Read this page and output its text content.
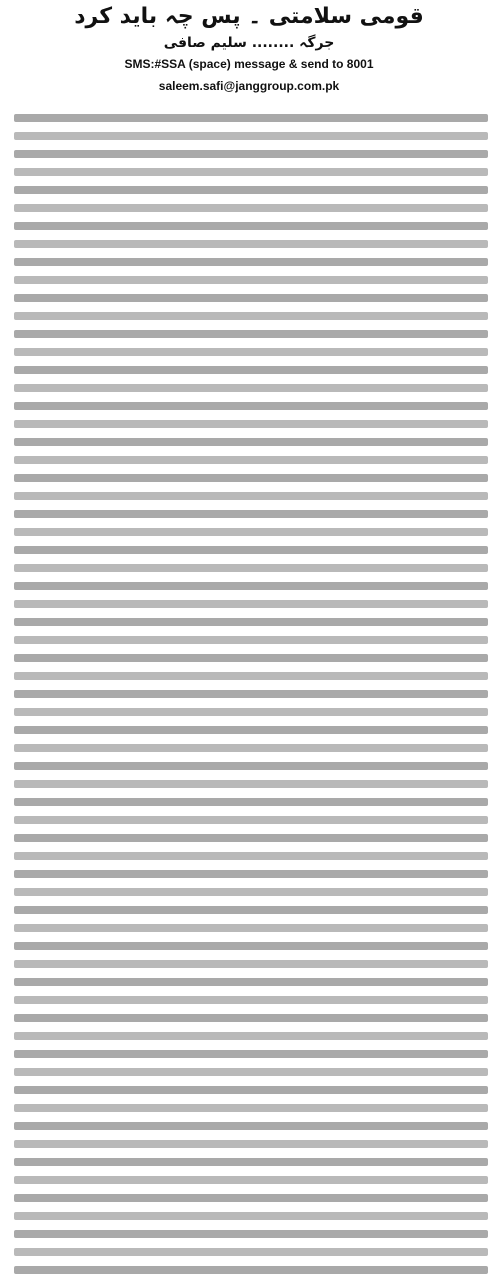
قومی سلامتی ۔ پس چہ باید کرد
جرگہ ........ سلیم صافی
SMS:#SSA (space) message & send to 8001
saleem.safi@janggroup.com.pk
